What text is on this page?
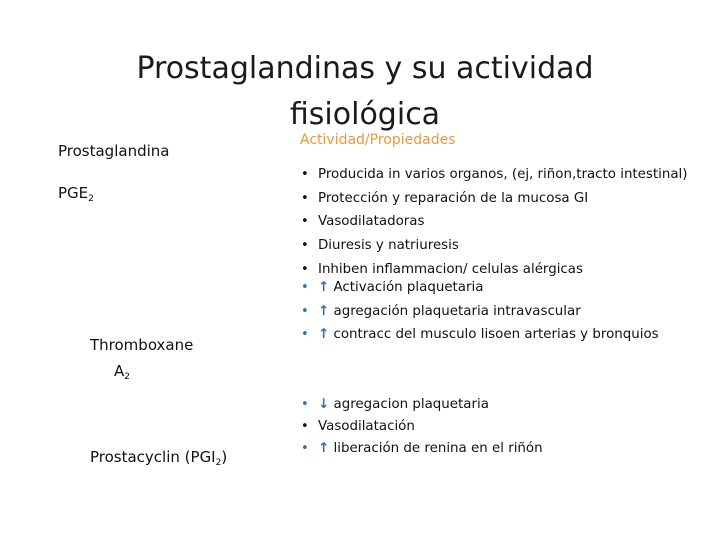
Prostaglandinas y su actividad fisiológica
Actividad/Propiedades
Prostaglandina
$PGE_2$
• Producida in varios organos, (ej, riñon,tracto intestinal)
• Protección y reparación de la mucosa GI
• Vasodilatadoras
• Diuresis y natriuresis
• Inhiben inflammacion/ celulas alérgicas
• ↑ Activación plaquetaria
• ↑ agregación plaquetaria intravascular
• ↑ contracc del musculo lisoen arterias y bronquios
Thromboxane
$A_2$
• ↓ agregacion plaquetaria
• Vasodilatación
• ↑ liberación de renina en el riñón
Prostacyclin $(PGI_2)$
